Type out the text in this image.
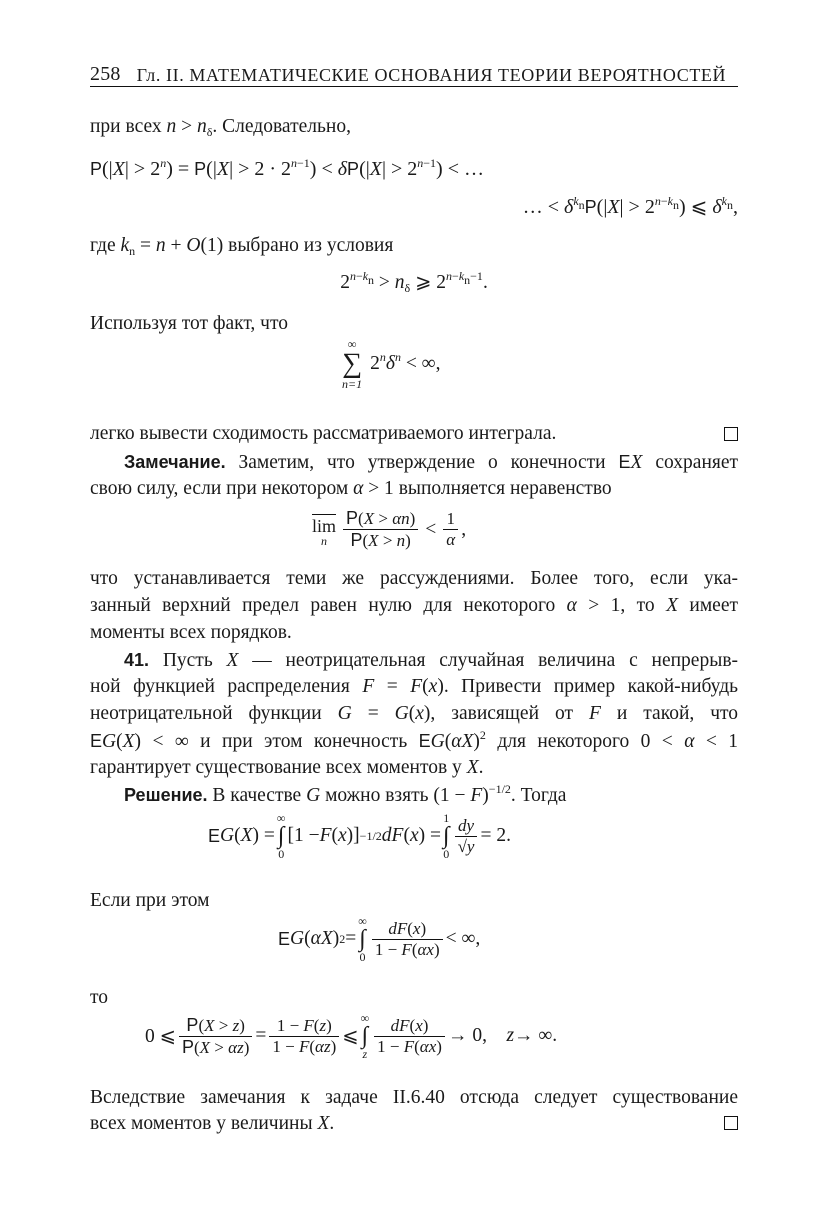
258 Гл. II. МАТЕМАТИЧЕСКИЕ ОСНОВАНИЯ ТЕОРИИ ВЕРОЯТНОСТЕЙ
при всех $n > n_\delta$. Следовательно,
$P(|X| > 2^n) = P(|X| > 2 \cdot 2^{n-1}) < \delta P(|X| > 2^{n-1})$ < …
… < $\delta^{k_n}P(|X| > 2^{n-k_n})$ ⩽ $\delta^{k_n}$,
где $k_n = n + O(1)$ выбрано из условия
$2^{n-k_n} > n_\delta$ ⩾ $2^{n-k_n-1}$.
Используя тот факт, что
∞
∑
n=1
$2^n\delta^n$ < ∞,
легко вывести сходимость рассматриваемого интеграла.
Замечание. Заметим, что утверждение о конечности EX сохраняет
свою силу, если при некотором α > 1 выполняется неравенство
lim
n $\frac{P(X > \alpha n)}{P(X > n)} < \frac{1}{\alpha}$ ,
что устанавливается теми же рассуждениями. Более того, если ука-
занный верхний предел равен нулю для некоторого α > 1, то X имеет
моменты всех порядков.
41. Пусть X — неотрицательная случайная величина с непрерыв-
ной функцией распределения F = F(x). Привести пример какой-нибудь
неотрицательной функции G = G(x), зависящей от F и такой, что
EG(X) < ∞ и при этом конечность $EG(\alpha X)^2$ для некоторого 0 < α < 1
гарантирует существование всех моментов у X.
Решение. В качестве G можно взять $(1 - F)^{-1/2}$. Тогда
E G ( X ) =
∞
∫
0
[1 − F ( x )] −1/2 dF ( x ) =
1
∫
$0 \frac{dy}{√y} = 2$.
Если при этом
E G ( αX ) 2 =
∞
∫
$0 \frac{dF(x)}{1 - F(\alpha x)}$ < ∞,
то
0 ⩽ $\frac{P(X > z)}{P(X > \alpha z)} = \frac{1 - F(z)}{1 - F(\alpha z)}$ ⩽
∞
∫
z $\frac{dF(x)}{1 - F(\alpha x)} \to 0$, z → ∞.
Вследствие замечания к задаче II.6.40 отсюда следует существование
всех моментов у величины X.
